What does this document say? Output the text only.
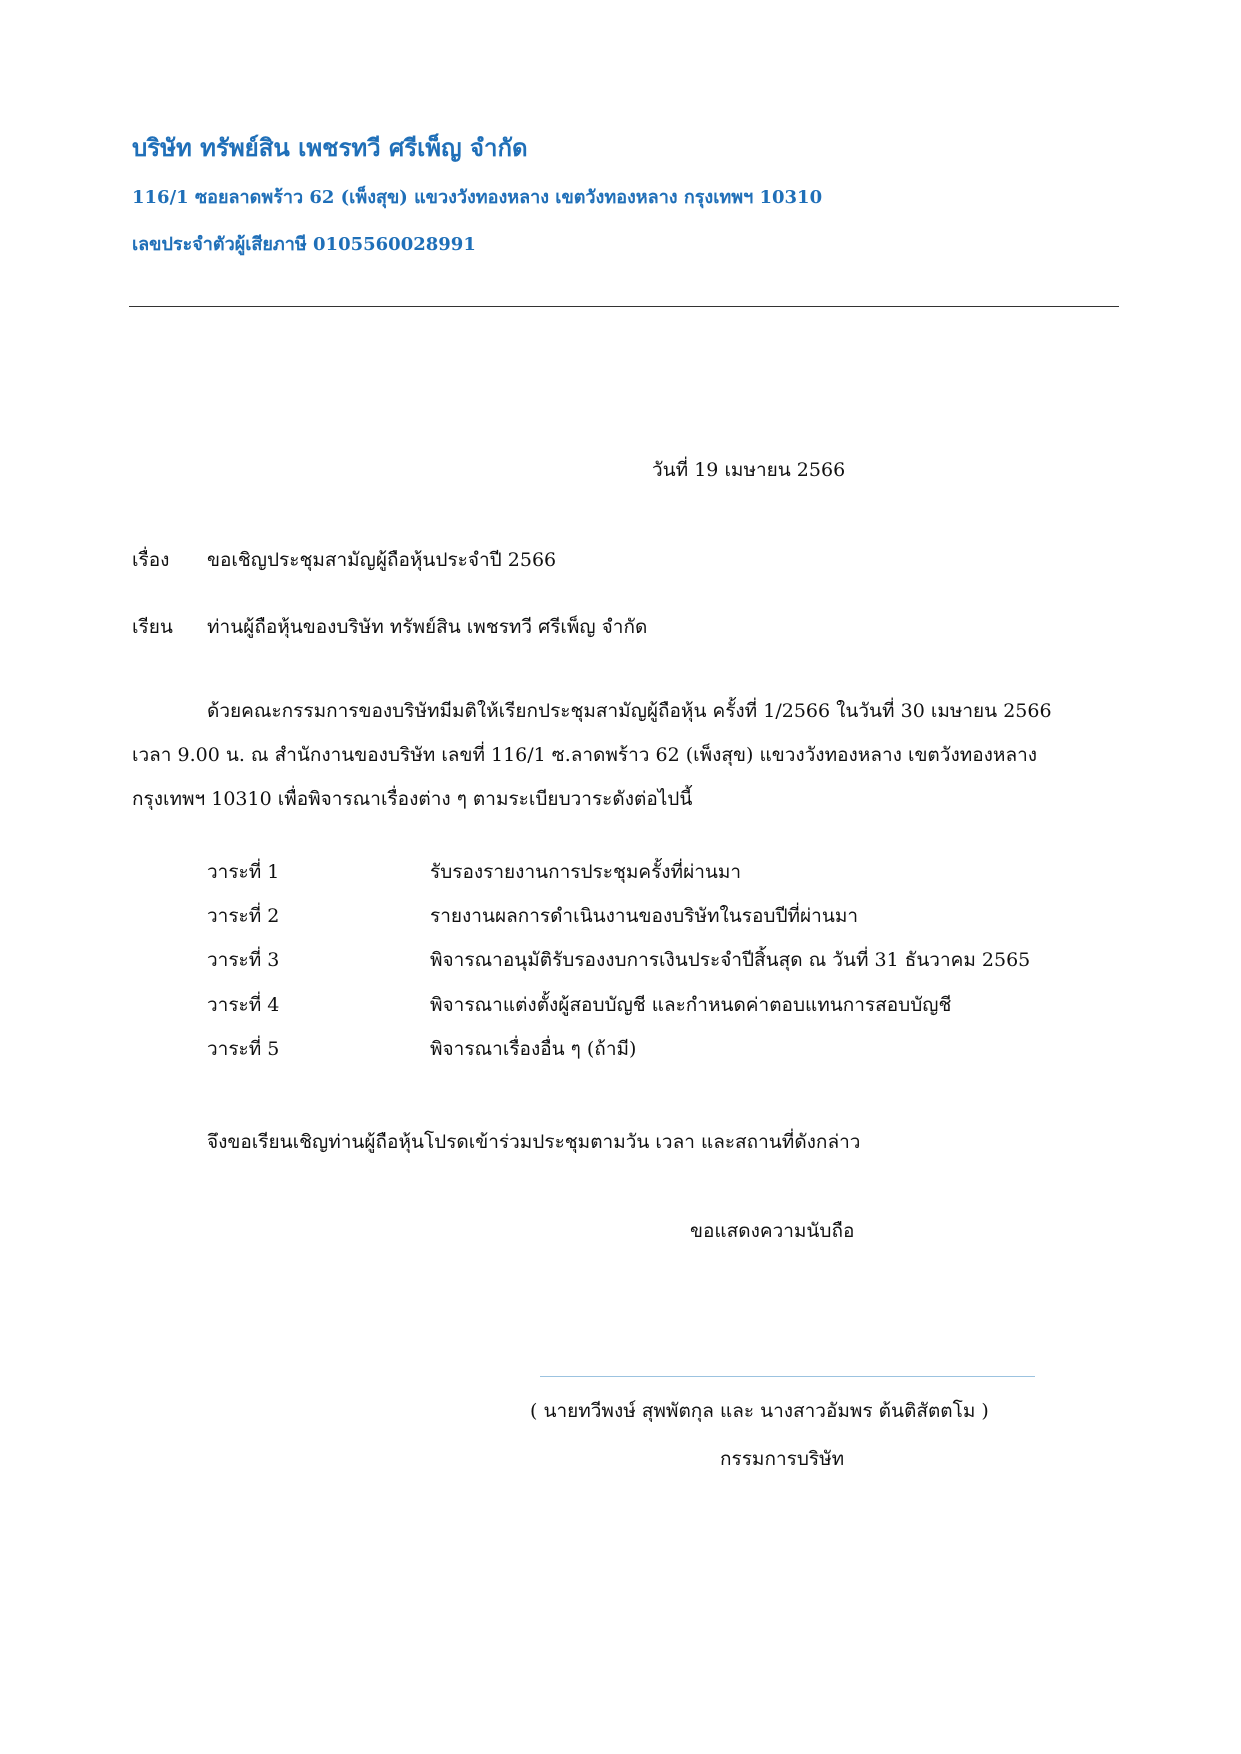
บริษัท ทรัพย์สิน เพชรทวี ศรีเพ็ญ จำกัด
116/1 ซอยลาดพร้าว 62 (เพ็งสุข) แขวงวังทองหลาง เขตวังทองหลาง กรุงเทพฯ 10310
เลขประจำตัวผู้เสียภาษี 0105560028991
วันที่ 19 เมษายน 2566
เรื่อง ขอเชิญประชุมสามัญผู้ถือหุ้นประจำปี 2566
เรียน ท่านผู้ถือหุ้นของบริษัท ทรัพย์สิน เพชรทวี ศรีเพ็ญ จำกัด
ด้วยคณะกรรมการของบริษัทมีมติให้เรียกประชุมสามัญผู้ถือหุ้น ครั้งที่ 1/2566 ในวันที่ 30 เมษายน 2566
เวลา 9.00 น. ณ สำนักงานของบริษัท เลขที่ 116/1 ซ.ลาดพร้าว 62 (เพ็งสุข) แขวงวังทองหลาง เขตวังทองหลาง
กรุงเทพฯ 10310 เพื่อพิจารณาเรื่องต่าง ๆ ตามระเบียบวาระดังต่อไปนี้
วาระที่ 1	รับรองรายงานการประชุมครั้งที่ผ่านมา
วาระที่ 2	รายงานผลการดำเนินงานของบริษัทในรอบปีที่ผ่านมา
วาระที่ 3	พิจารณาอนุมัติรับรองงบการเงินประจำปีสิ้นสุด ณ วันที่ 31 ธันวาคม 2565
วาระที่ 4	พิจารณาแต่งตั้งผู้สอบบัญชี และกำหนดค่าตอบแทนการสอบบัญชี
วาระที่ 5	พิจารณาเรื่องอื่น ๆ (ถ้ามี)
จึงขอเรียนเชิญท่านผู้ถือหุ้นโปรดเข้าร่วมประชุมตามวัน เวลา และสถานที่ดังกล่าว
ขอแสดงความนับถือ
( นายทวีพงษ์ สุพพัตกุล และ นางสาวอัมพร ต้นติสัตตโม )
กรรมการบริษัท
